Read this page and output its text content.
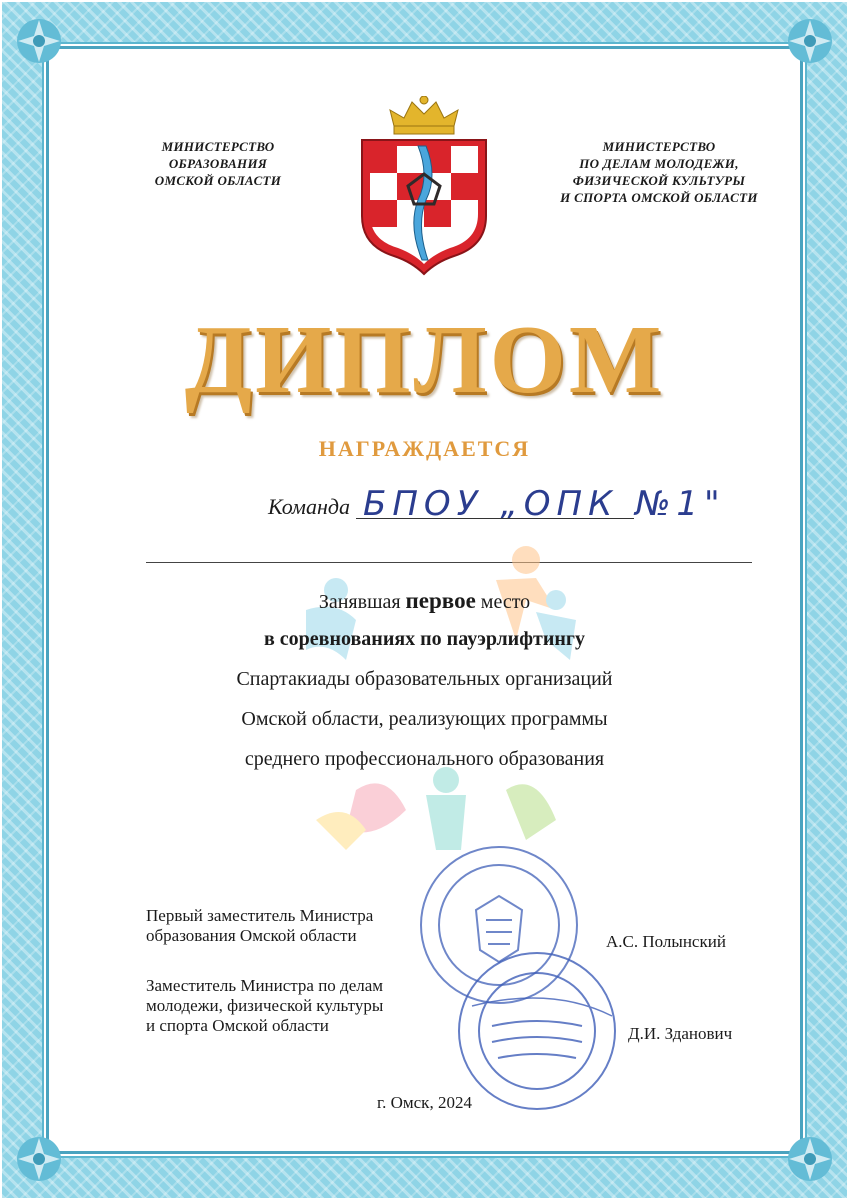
МИНИСТЕРСТВО
ОБРАЗОВАНИЯ
ОМСКОЙ ОБЛАСТИ
МИНИСТЕРСТВО
ПО ДЕЛАМ МОЛОДЕЖИ,
ФИЗИЧЕСКОЙ КУЛЬТУРЫ
И СПОРТА ОМСКОЙ ОБЛАСТИ
ДИПЛОМ
НАГРАЖДАЕТСЯ
Команда БПОУ „ОПК №1"
Занявшая первое место
в соревнованиях по пауэрлифтингу
Спартакиады образовательных организаций
Омской области, реализующих программы
среднего профессионального образования
Первый заместитель Министра
образования Омской области	А.С. Полынский
Заместитель Министра по делам
молодежи, физической культуры
и спорта Омской области	Д.И. Зданович
г. Омск, 2024
